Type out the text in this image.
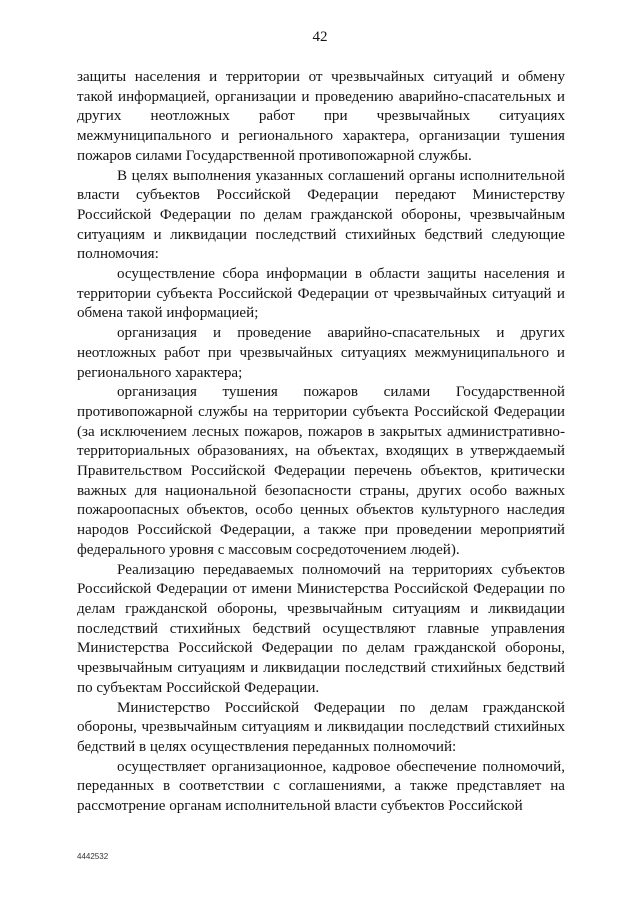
42

защиты населения и территории от чрезвычайных ситуаций и обмену такой информацией, организации и проведению аварийно-спасательных и других неотложных работ при чрезвычайных ситуациях межмуниципального и регионального характера, организации тушения пожаров силами Государственной противопожарной службы.

В целях выполнения указанных соглашений органы исполнительной власти субъектов Российской Федерации передают Министерству Российской Федерации по делам гражданской обороны, чрезвычайным ситуациям и ликвидации последствий стихийных бедствий следующие полномочия:

осуществление сбора информации в области защиты населения и территории субъекта Российской Федерации от чрезвычайных ситуаций и обмена такой информацией;

организация и проведение аварийно-спасательных и других неотложных работ при чрезвычайных ситуациях межмуниципального и регионального характера;

организация тушения пожаров силами Государственной противопожарной службы на территории субъекта Российской Федерации (за исключением лесных пожаров, пожаров в закрытых административно-территориальных образованиях, на объектах, входящих в утверждаемый Правительством Российской Федерации перечень объектов, критически важных для национальной безопасности страны, других особо важных пожароопасных объектов, особо ценных объектов культурного наследия народов Российской Федерации, а также при проведении мероприятий федерального уровня с массовым сосредоточением людей).

Реализацию передаваемых полномочий на территориях субъектов Российской Федерации от имени Министерства Российской Федерации по делам гражданской обороны, чрезвычайным ситуациям и ликвидации последствий стихийных бедствий осуществляют главные управления Министерства Российской Федерации по делам гражданской обороны, чрезвычайным ситуациям и ликвидации последствий стихийных бедствий по субъектам Российской Федерации.

Министерство Российской Федерации по делам гражданской обороны, чрезвычайным ситуациям и ликвидации последствий стихийных бедствий в целях осуществления переданных полномочий:

осуществляет организационное, кадровое обеспечение полномочий, переданных в соответствии с соглашениями, а также представляет на рассмотрение органам исполнительной власти субъектов Российской

4442532
